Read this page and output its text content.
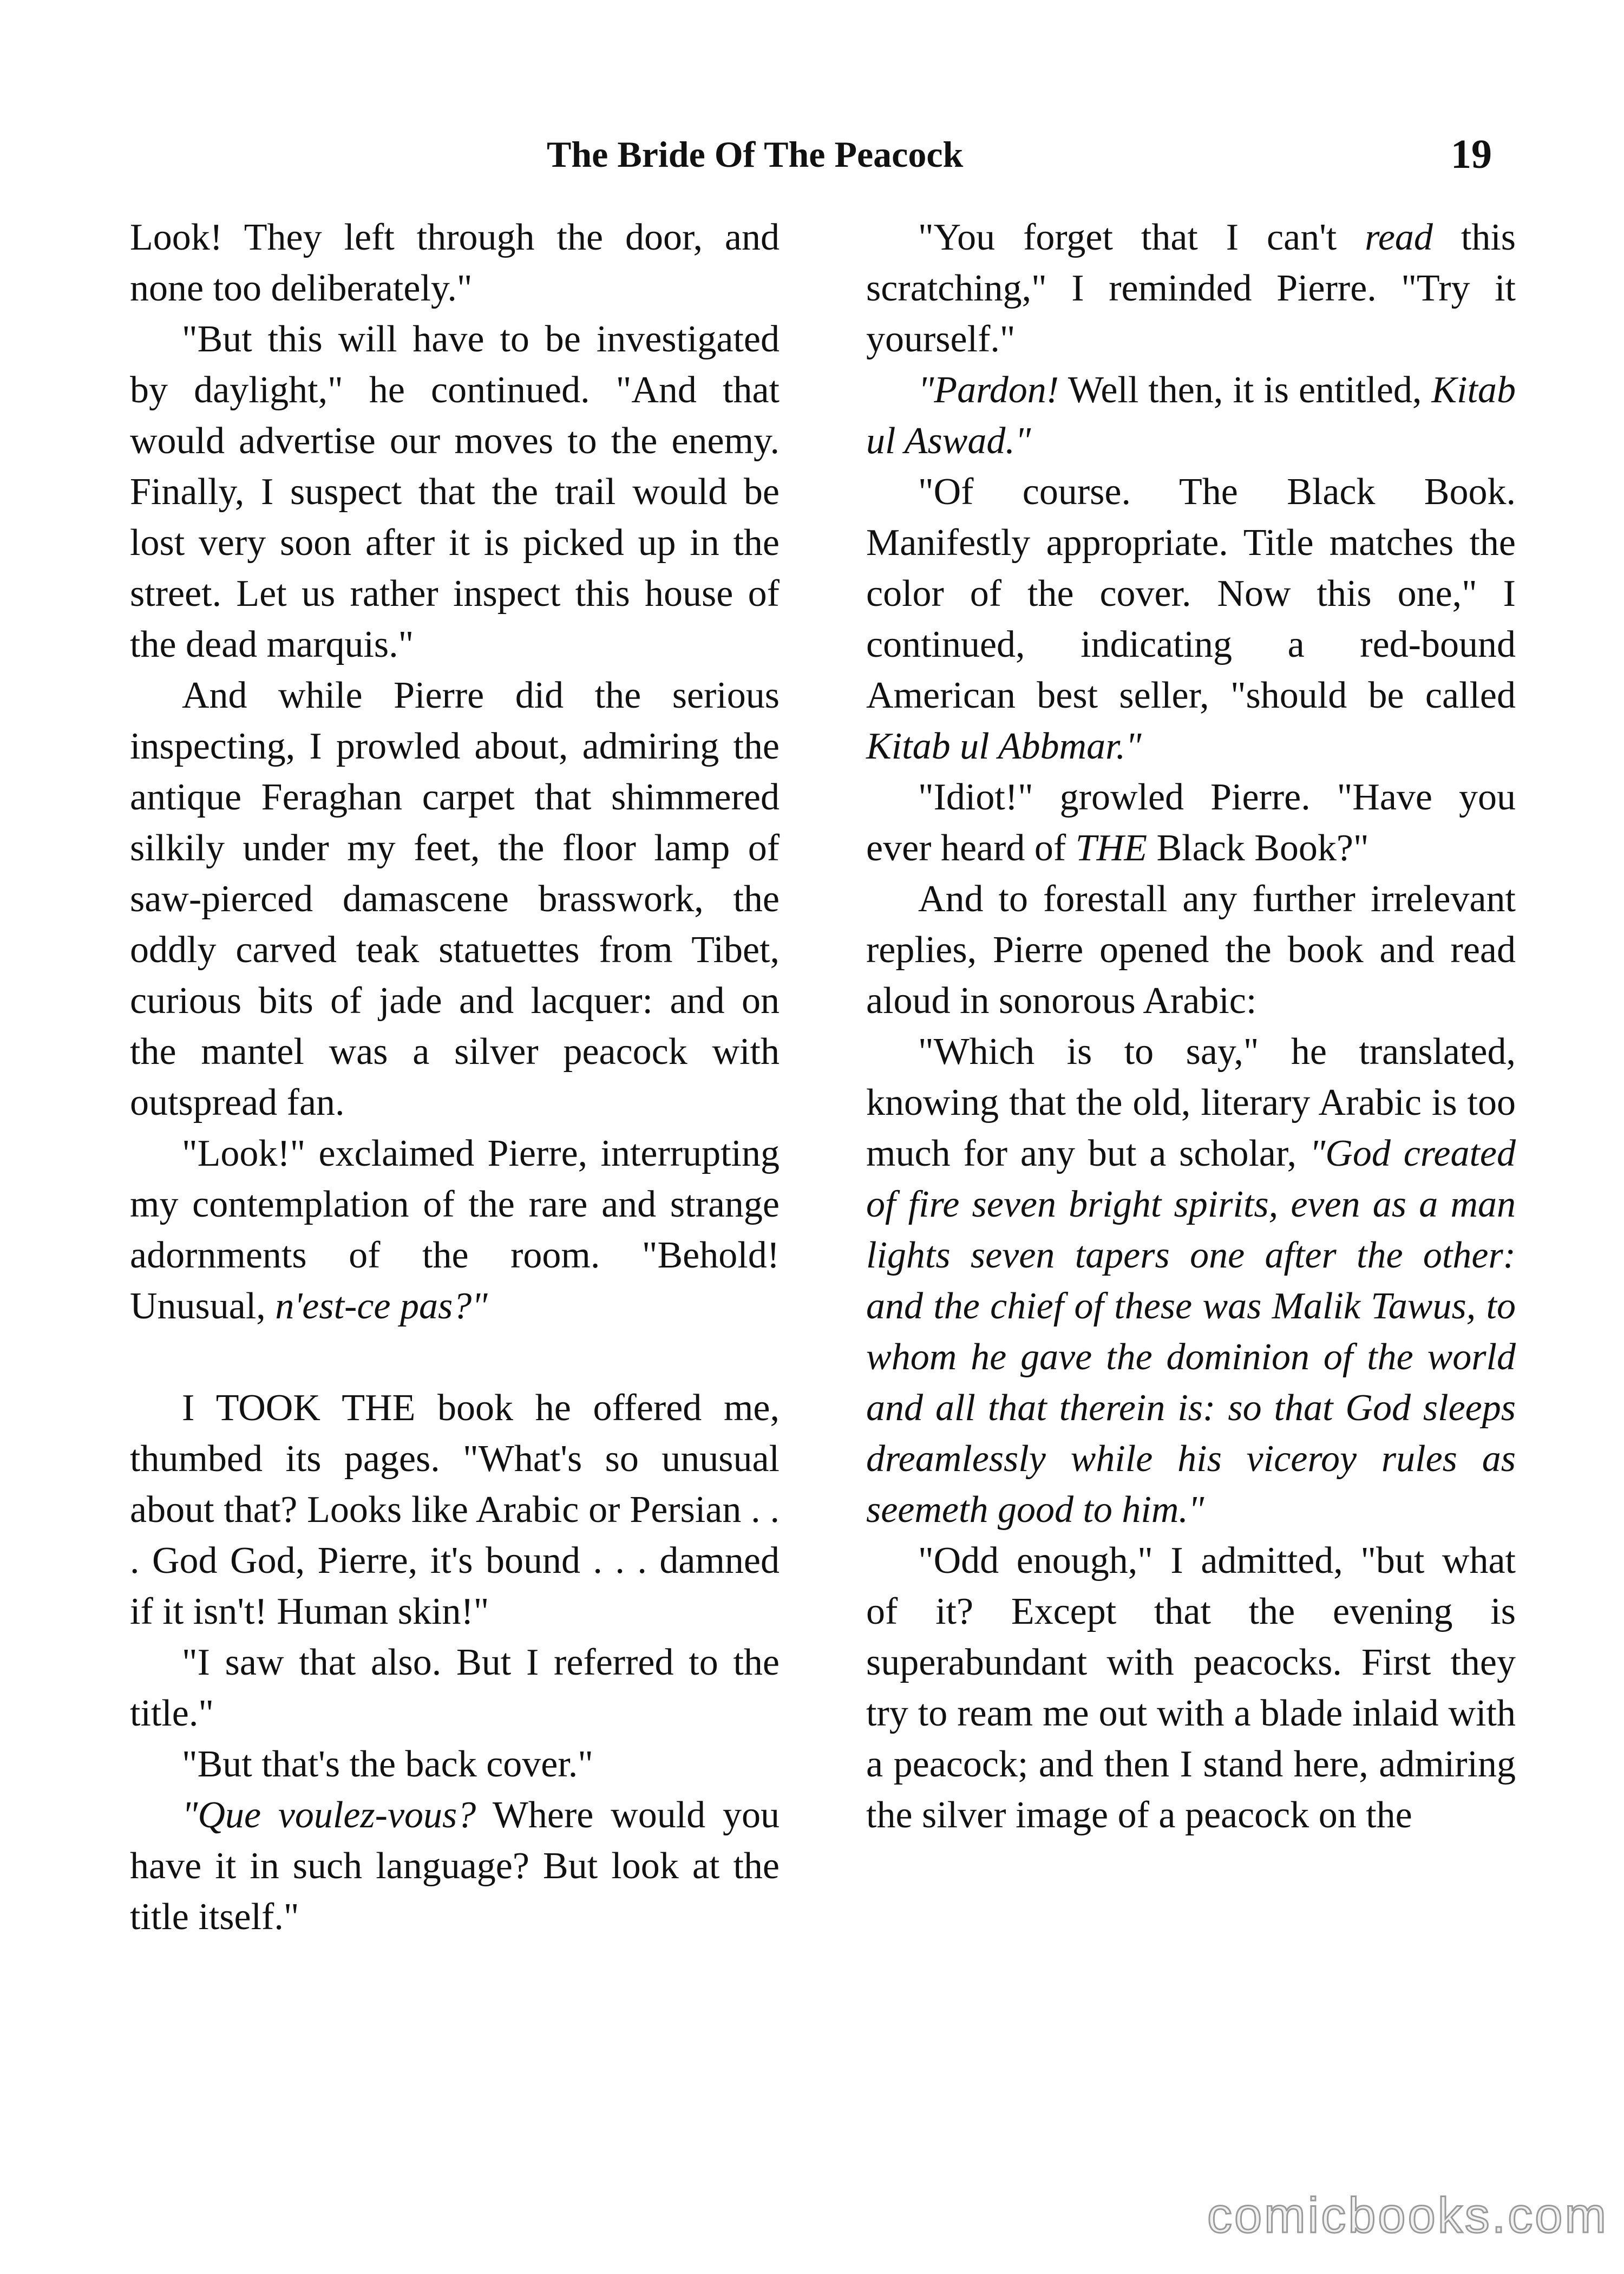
The Bride Of The Peacock	19

Look! They left through the door, and none too deliberately."

"But this will have to be investigated by daylight," he continued. "And that would advertise our moves to the enemy. Finally, I suspect that the trail would be lost very soon after it is picked up in the street. Let us rather inspect this house of the dead marquis."

And while Pierre did the serious inspecting, I prowled about, admiring the antique Feraghan carpet that shimmered silkily under my feet, the floor lamp of saw-pierced damascene brasswork, the oddly carved teak statuettes from Tibet, curious bits of jade and lacquer: and on the mantel was a silver peacock with outspread fan.

"Look!" exclaimed Pierre, interrupting my contemplation of the rare and strange adornments of the room. "Behold! Unusual, n'est-ce pas?"

I TOOK THE book he offered me, thumbed its pages. "What's so unusual about that? Looks like Arabic or Persian . . . God God, Pierre, it's bound . . . damned if it isn't! Human skin!"

"I saw that also. But I referred to the title."

"But that's the back cover."

"Que voulez-vous? Where would you have it in such language? But look at the title itself."

"You forget that I can't read this scratching," I reminded Pierre. "Try it yourself."

"Pardon! Well then, it is entitled, Kitab ul Aswad."

"Of course. The Black Book. Manifestly appropriate. Title matches the color of the cover. Now this one," I continued, indicating a red-bound American best seller, "should be called Kitab ul Abbmar."

"Idiot!" growled Pierre. "Have you ever heard of THE Black Book?"

And to forestall any further irrelevant replies, Pierre opened the book and read aloud in sonorous Arabic:

"Which is to say," he translated, knowing that the old, literary Arabic is too much for any but a scholar, "God created of fire seven bright spirits, even as a man lights seven tapers one after the other: and the chief of these was Malik Tawus, to whom he gave the dominion of the world and all that therein is: so that God sleeps dreamlessly while his viceroy rules as seemeth good to him."

"Odd enough," I admitted, "but what of it? Except that the evening is superabundant with peacocks. First they try to ream me out with a blade inlaid with a peacock; and then I stand here, admiring the silver image of a peacock on the

comicbooks.com
